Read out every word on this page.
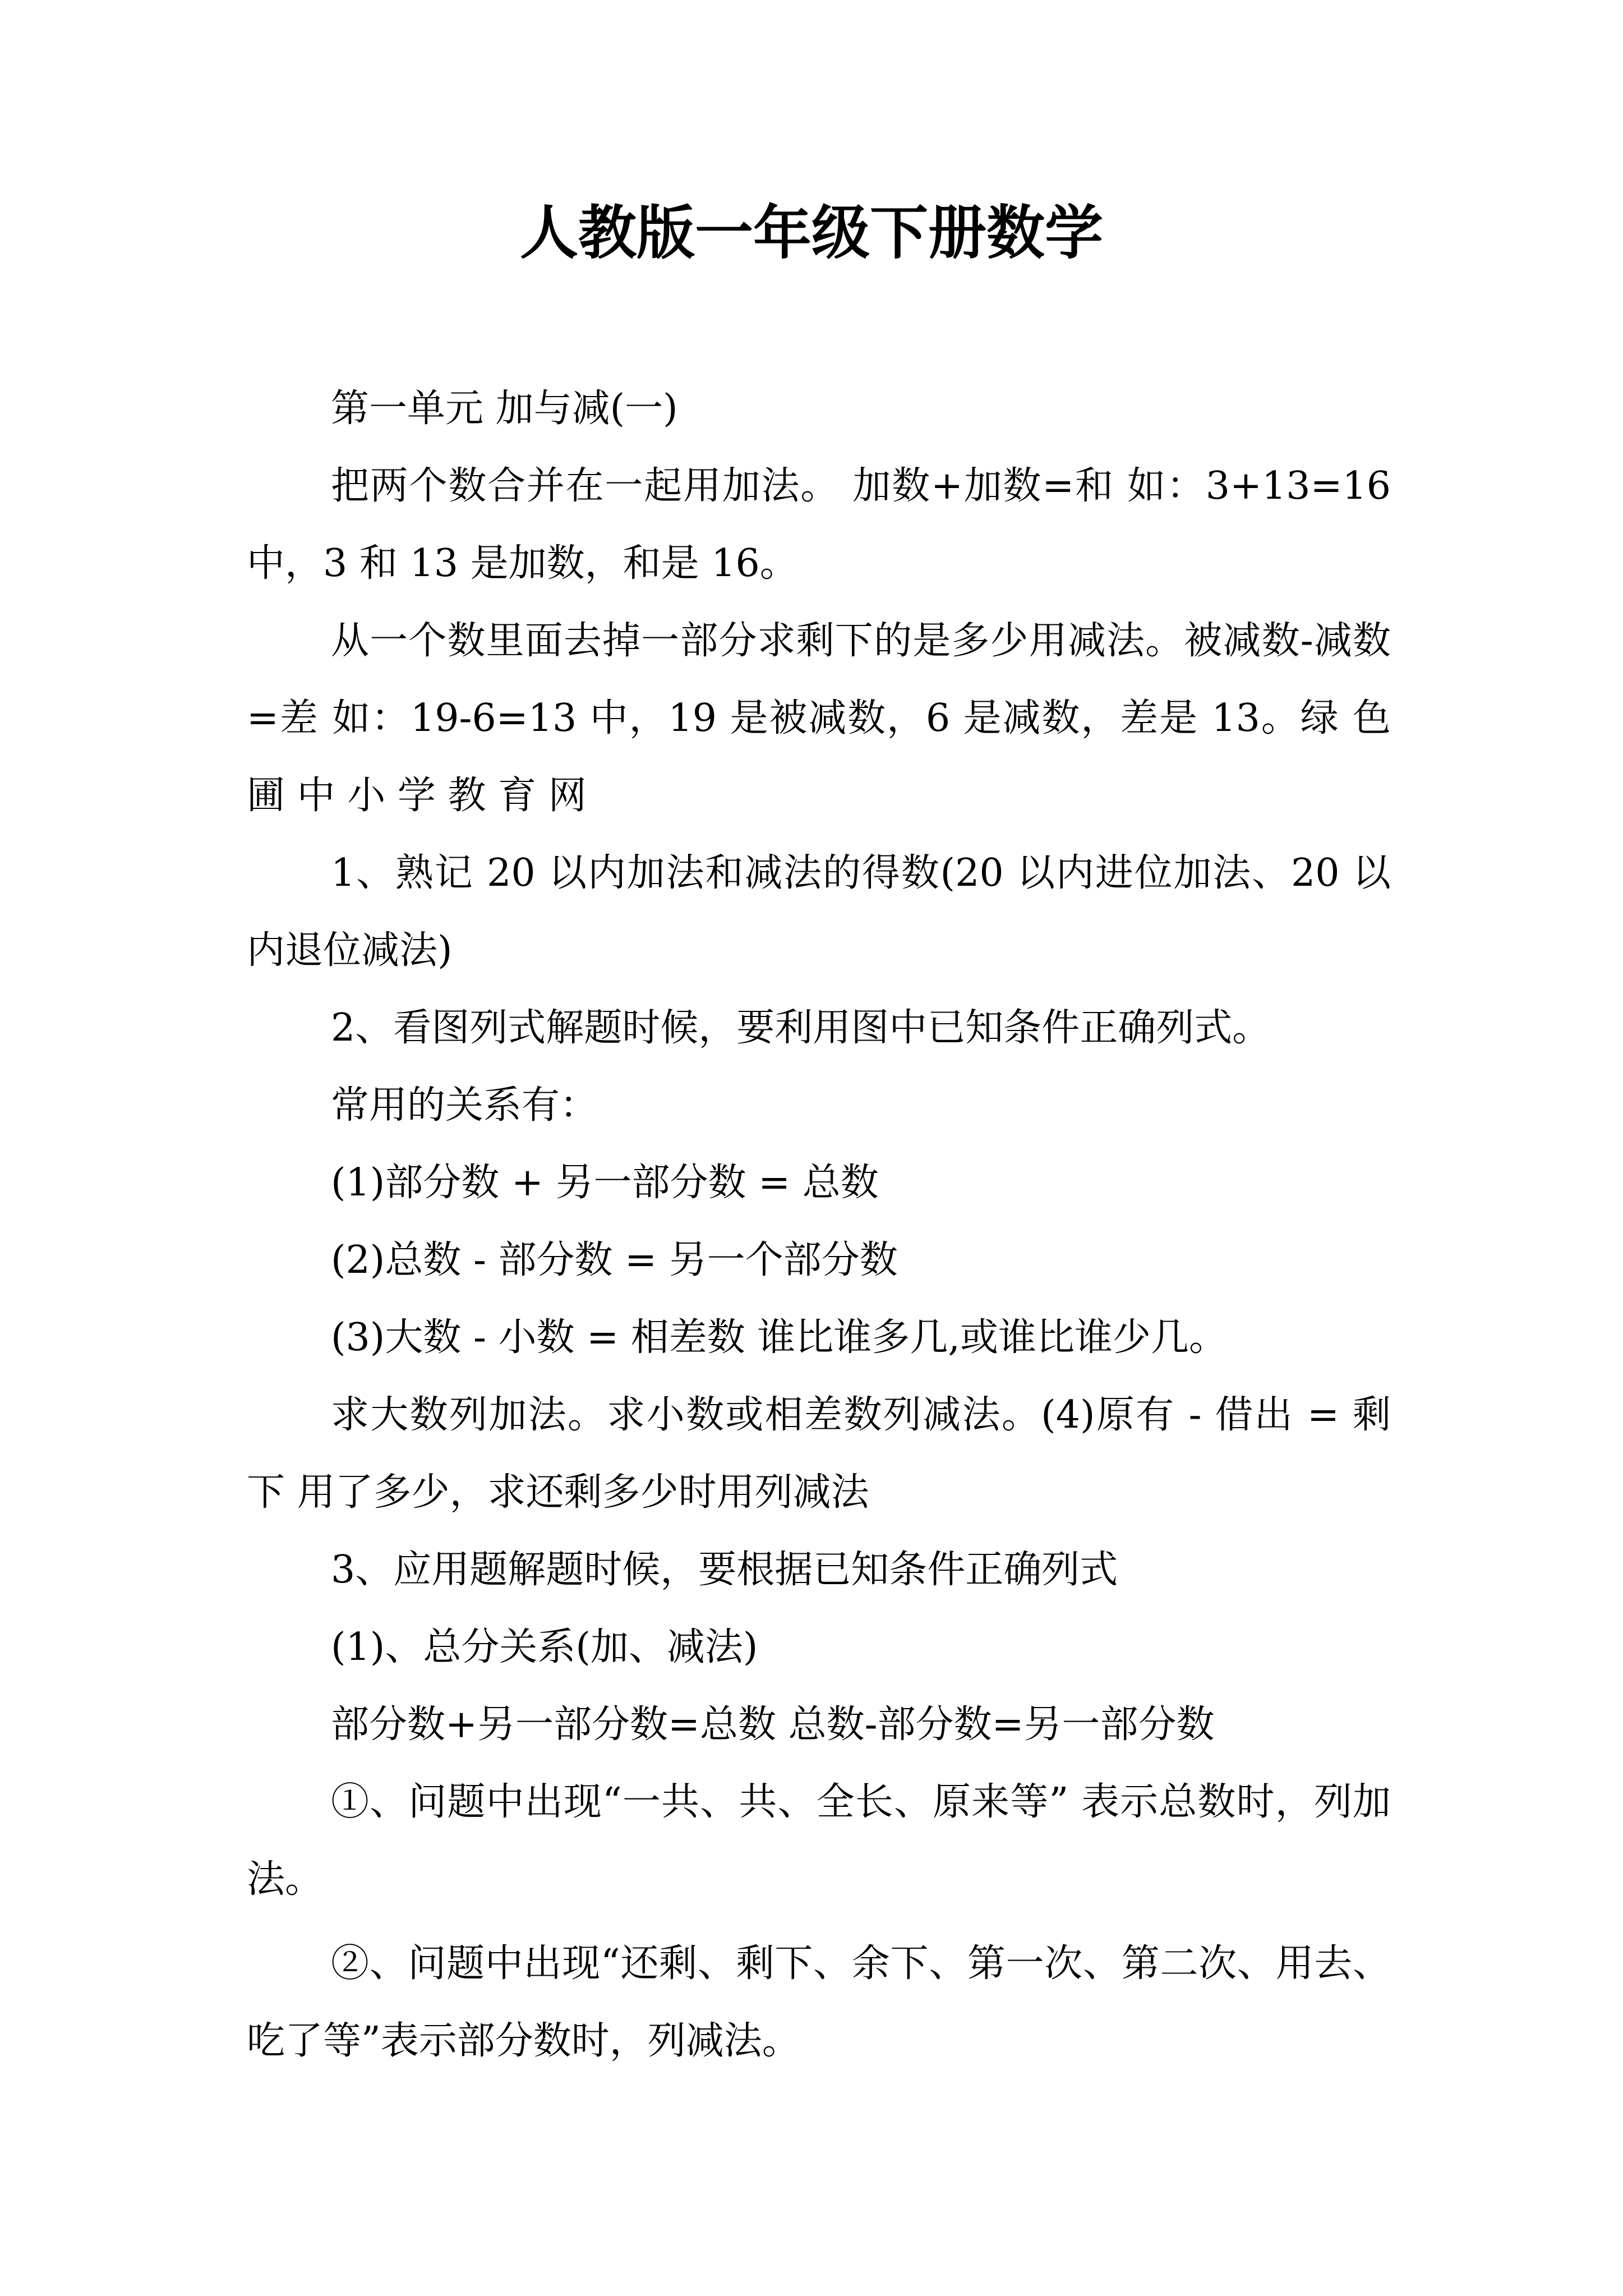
人教版一年级下册数学

第一单元 加与减(一)

把两个数合并在一起用加法。 加数+加数=和 如：3+13=16 中，3 和 13 是加数，和是 16。

从一个数里面去掉一部分求剩下的是多少用减法。被减数-减数=差 如：19-6=13 中，19 是被减数，6 是减数，差是 13。绿 色 圃 中 小 学 教 育 网

1、熟记 20 以内加法和减法的得数(20 以内进位加法、20 以内退位减法)

2、看图列式解题时候，要利用图中已知条件正确列式。

常用的关系有：

(1)部分数 + 另一部分数 = 总数

(2)总数 - 部分数 = 另一个部分数

(3)大数 - 小数 = 相差数 谁比谁多几,或谁比谁少几。

求大数列加法。求小数或相差数列减法。(4)原有 - 借出 = 剩下 用了多少，求还剩多少时用列减法

3、应用题解题时候，要根据已知条件正确列式

(1)、总分关系(加、减法)

部分数+另一部分数=总数 总数-部分数=另一部分数

①、问题中出现“一共、共、全长、原来等” 表示总数时，列加法。

②、问题中出现“还剩、剩下、余下、第一次、第二次、用去、吃了等”表示部分数时，列减法。
